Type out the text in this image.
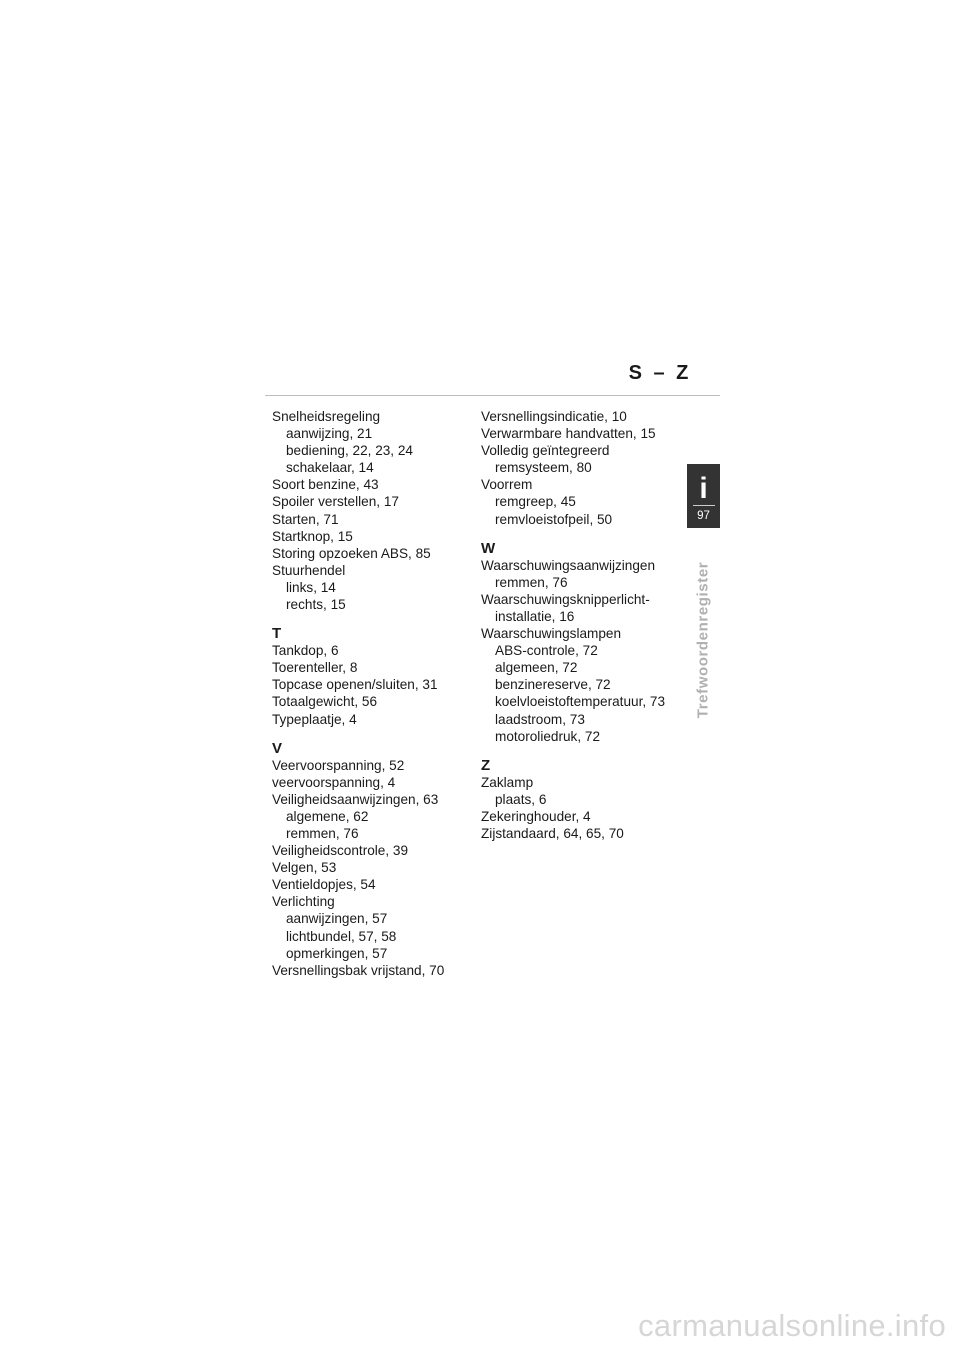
S – Z
Snelheidsregeling
aanwijzing, 21
bediening, 22, 23, 24
schakelaar, 14
Soort benzine, 43
Spoiler verstellen, 17
Starten, 71
Startknop, 15
Storing opzoeken ABS, 85
Stuurhendel
links, 14
rechts, 15
T
Tankdop, 6
Toerenteller, 8
Topcase openen/sluiten, 31
Totaalgewicht, 56
Typeplaatje, 4
V
Veervoorspanning, 52
veervoorspanning, 4
Veiligheidsaanwijzingen, 63
algemene, 62
remmen, 76
Veiligheidscontrole, 39
Velgen, 53
Ventieldopjes, 54
Verlichting
aanwijzingen, 57
lichtbundel, 57, 58
opmerkingen, 57
Versnellingsbak vrijstand, 70
Versnellingsindicatie, 10
Verwarmbare handvatten, 15
Volledig geïntegreerd
remsysteem, 80
Voorrem
remgreep, 45
remvloeistofpeil, 50
W
Waarschuwingsaanwijzingen
remmen, 76
Waarschuwingsknipperlicht-
installatie, 16
Waarschuwingslampen
ABS-controle, 72
algemeen, 72
benzinereserve, 72
koelvloeistoftemperatuur, 73
laadstroom, 73
motoroliedruk, 72
Z
Zaklamp
plaats, 6
Zekeringhouder, 4
Zijstandaard, 64, 65, 70
i
97
Trefwoordenregister
carmanualsonline.info
